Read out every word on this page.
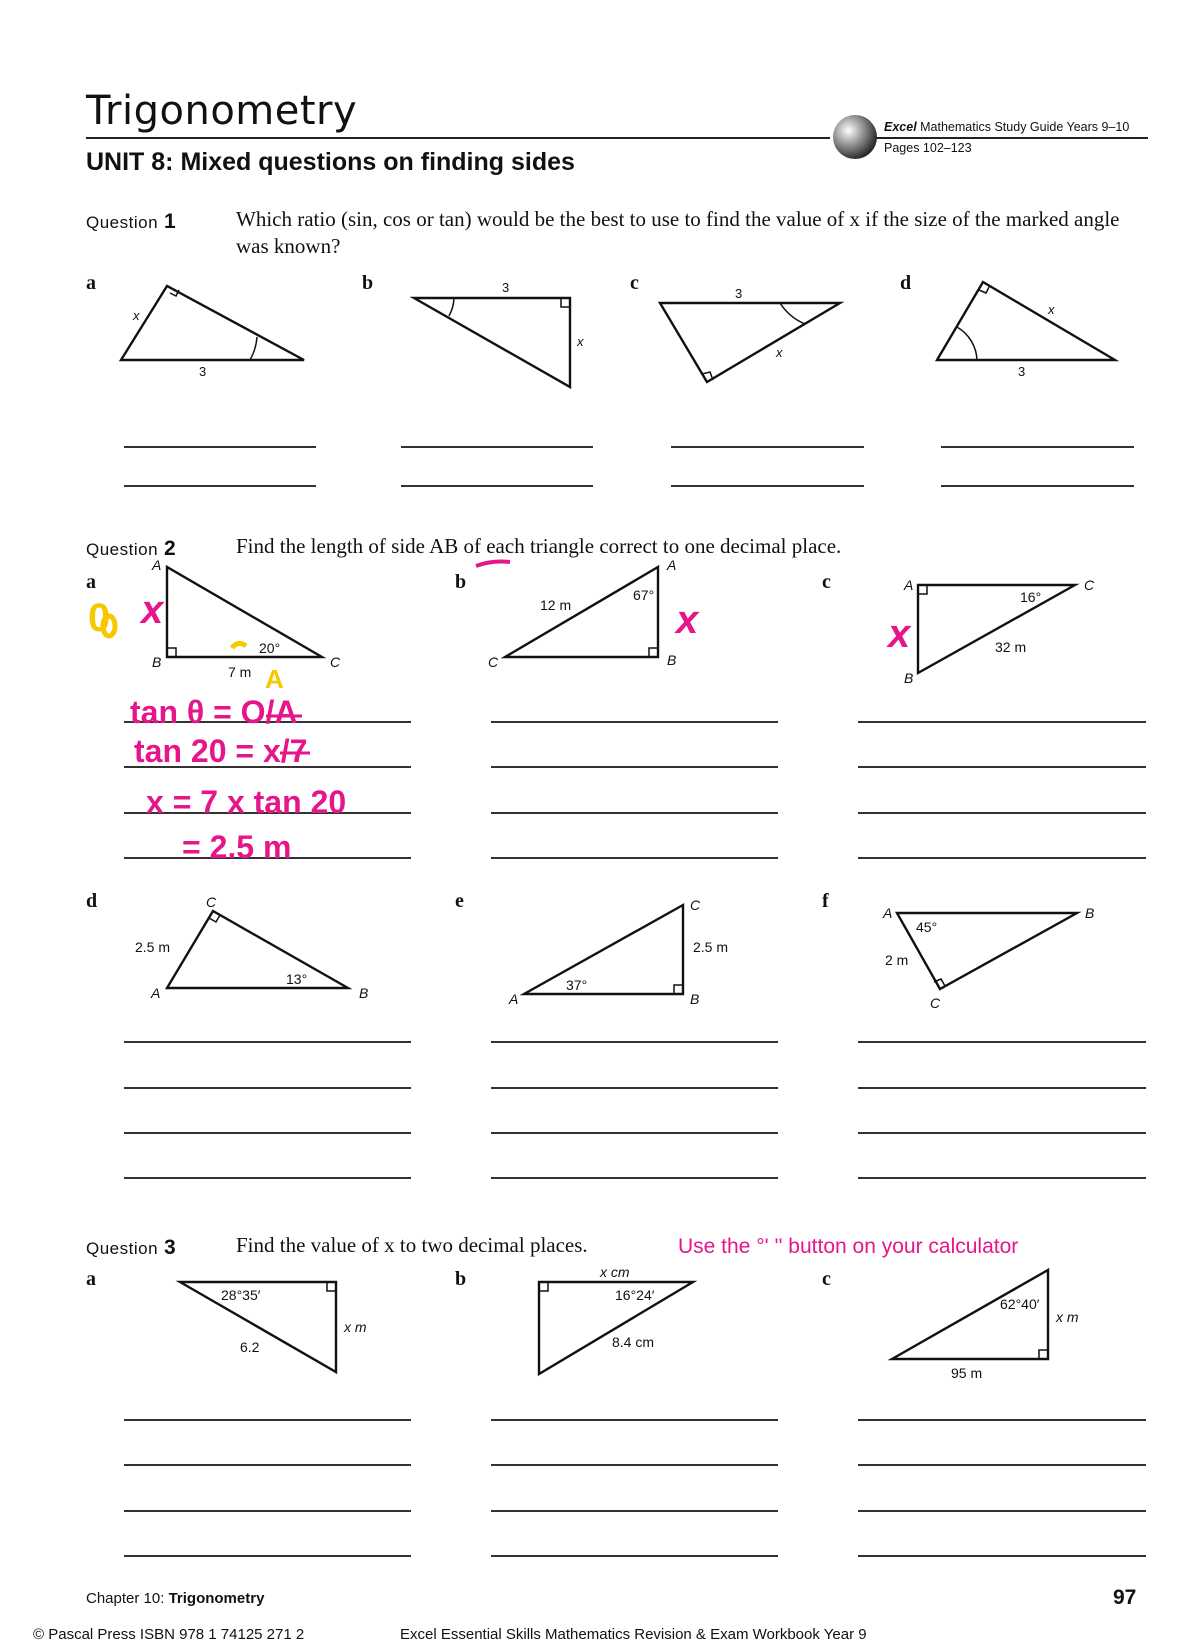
Trigonometry	Excel Mathematics Study Guide Years 9–10
Pages 102–123
UNIT 8: Mixed questions on finding sides
Question 1	Which ratio (sin, cos or tan) would be the best to use to find the value of x if the size of the marked angle was known?
a	b	c	d
x
x
x
x
3
3	3
3
A
B	C
20°
7 m
A
B
C
67°
12 m
A
B
C
16°
32 m
A	B
C
13°
2.5 m
A	B
C
37°
2.5 m
A	B
C
45°
2 m
28°35′
6.2
x m
16°24′
8.4 cm
x cm
62°40′
95 m
x m
Question 2	Find the length of side AB of each triangle correct to one decimal place.
a	b	c
d	e	f
0 x	x	x
A
tan θ = O/A
tan 20 = x/7
x = 7 x tan 20
= 2.5 m
Question 3	Find the value of x to two decimal places.	Use the °' '' button on your calculator
a	b	c
Chapter 10: Trigonometry	97
© Pascal Press ISBN 978 1 74125 271 2	Excel Essential Skills Mathematics Revision & Exam Workbook Year 9
